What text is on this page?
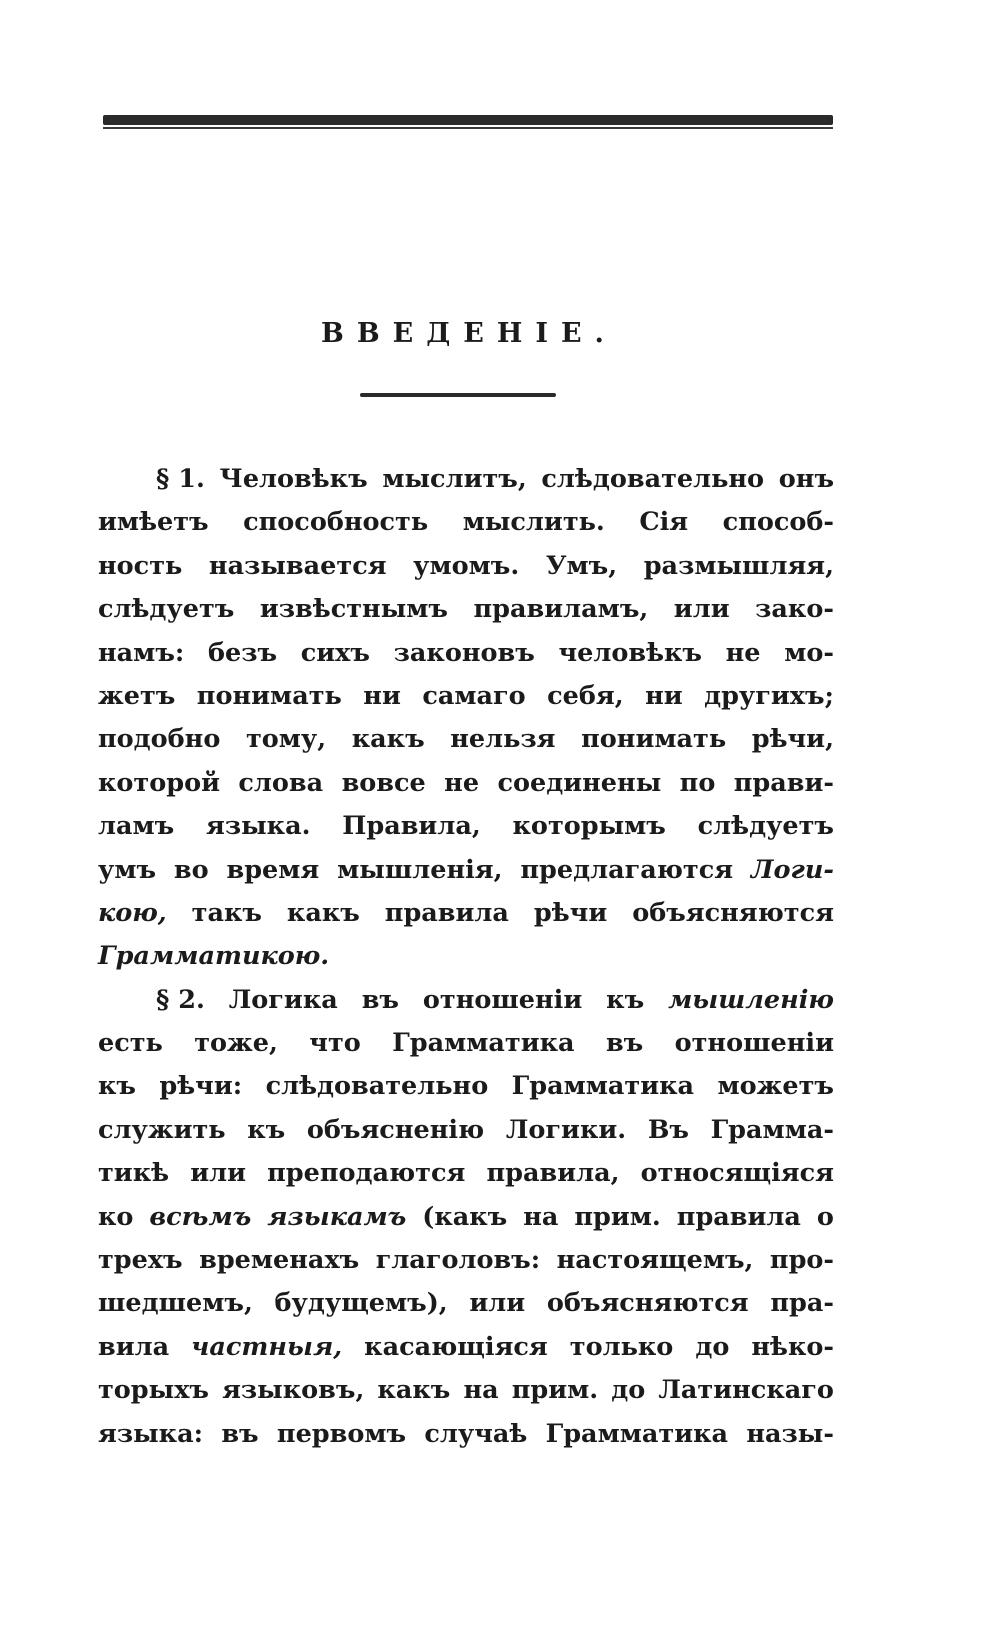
ВВЕДЕНІЕ.
§ 1. Человѣкъ мыслитъ, слѣдовательно онъ
имѣетъ способность мыслить. Сія способ-
ность называется умомъ. Умъ, размышляя,
слѣдуетъ извѣстнымъ правиламъ, или зако-
намъ: безъ сихъ законовъ человѣкъ не мо-
жетъ понимать ни самаго себя, ни другихъ;
подобно тому, какъ нельзя понимать рѣчи,
которой слова вовсе не соединены по прави-
ламъ языка. Правила, которымъ слѣдуетъ
умъ во время мышленія, предлагаются Логи-
кою, такъ какъ правила рѣчи объясняются
Грамматикою.
§ 2. Логика въ отношеніи къ мышленію
есть тоже, что Грамматика въ отношеніи
къ рѣчи: слѣдовательно Грамматика можетъ
служить къ объясненію Логики. Въ Грамма-
тикѣ или преподаются правила, относящіяся
ко всѣмъ языкамъ (какъ на прим. правила о
трехъ временахъ глаголовъ: настоящемъ, про-
шедшемъ, будущемъ), или объясняются пра-
вила частныя, касающіяся только до нѣко-
торыхъ языковъ, какъ на прим. до Латинскаго
языка: въ первомъ случаѣ Грамматика назы-
